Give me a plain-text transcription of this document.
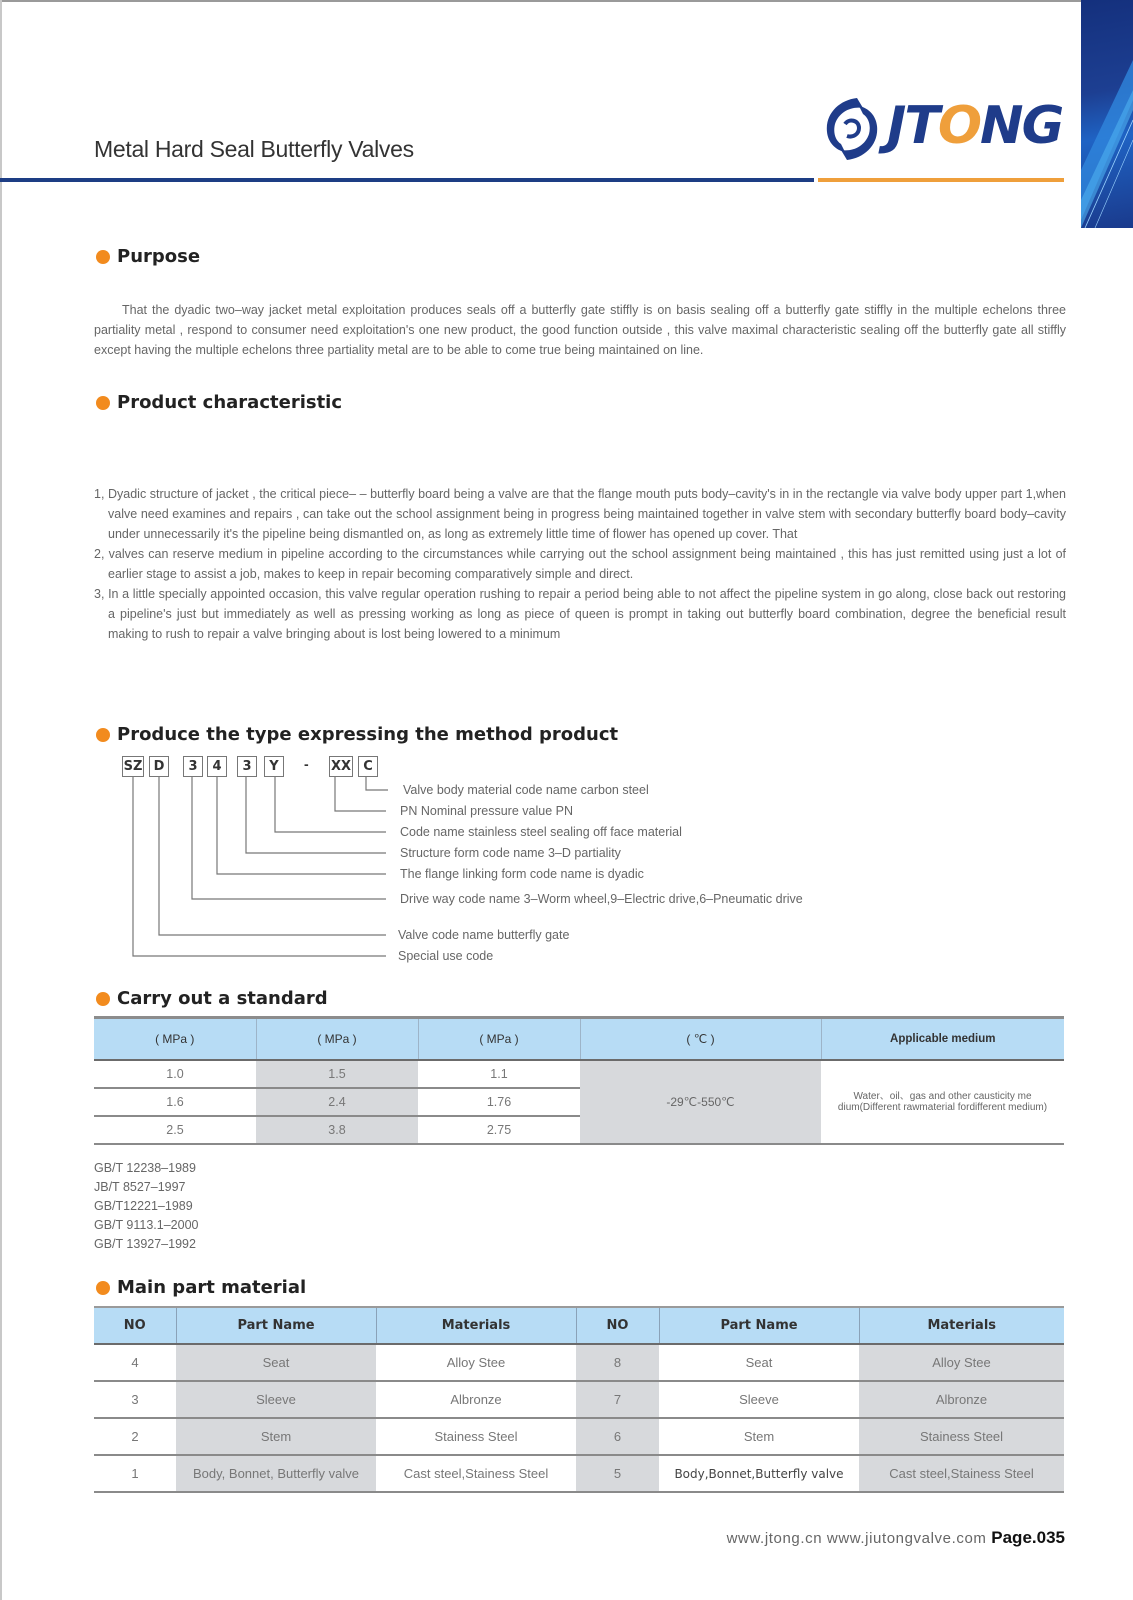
Metal Hard Seal Butterfly Valves	JTONG
Purpose

That the dyadic two–way jacket metal exploitation produces seals off a butterfly gate stiffly is on basis sealing off a butterfly gate stiffly in the multiple echelons three partiality metal , respond to consumer need exploitation's one new product, the good function outside , this valve maximal characteristic sealing off the butterfly gate all stiffly except having the multiple echelons three partiality metal are to be able to come true being maintained on line.

Product characteristic
1, Dyadic structure of jacket , the critical piece– – butterfly board being a valve are that the flange mouth puts body–cavity's in in the rectangle via valve body upper part 1,when valve need examines and repairs , can take out the school assignment being in progress being maintained together in valve stem with secondary butterfly board body–cavity under unnecessarily it's the pipeline being dismantled on, as long as extremely little time of flower has opened up cover. That
2, valves can reserve medium in pipeline according to the circumstances while carrying out the school assignment being maintained , this has just remitted using just a lot of earlier stage to assist a job, makes to keep in repair becoming comparatively simple and direct.
3, In a little specially appointed occasion, this valve regular operation rushing to repair a period being able to not affect the pipeline system in go along, close back out restoring a pipeline's just but immediately as well as pressing working as long as piece of queen is prompt in taking out butterfly board combination, degree the beneficial result making to rush to repair a valve bringing about is lost being lowered to a minimum
Produce the type expressing the method product
SZ D	3	4	3	Y	- XX C
Valve body material code name carbon steel
PN Nominal pressure value PN
Code name stainless steel sealing off face material
Structure form code name 3–D partiality
The flange linking form code name is dyadic
Drive way code name 3–Worm wheel,9–Electric drive,6–Pneumatic drive
Valve code name butterfly gate
Special use code
Carry out a standard
( MPa )	( MPa )	( MPa )	( ℃ )	Applicable medium
1.0	1.5	1.1	-29℃-550℃	Water、oil、gas and other causticity me dium(Different rawmaterial fordifferent medium)
1.6	2.4	1.76		
2.5	3.8	2.75		
GB/T 12238–1989
JB/T 8527–1997
GB/T12221–1989
GB/T 9113.1–2000
GB/T 13927–1992
Main part material
NO	Part Name	Materials	NO	Part Name	Materials
4	Seat	Alloy Stee	8	Seat	Alloy Stee
3	Sleeve	Albronze	7	Sleeve	Albronze
2	Stem	Stainess Steel	6	Stem	Stainess Steel
1	Body, Bonnet, Butterfly valve	Cast steel,Stainess Steel	5	Body,Bonnet,Butterfly valve	Cast steel,Stainess Steel
www.jtong.cn www.jiutongvalve.com Page.035
